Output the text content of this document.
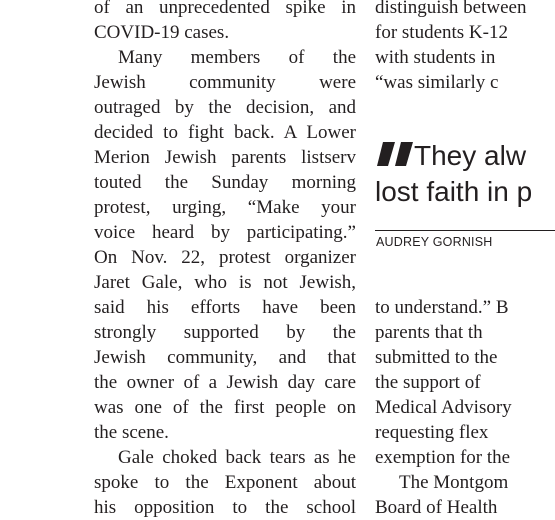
of an unprecedented spike in
COVID-19 cases.
Many members of the
Jewish community were
outraged by the decision, and
decided to fight back. A Lower
Merion Jewish parents listserv
touted the Sunday morning
protest, urging, “Make your
voice heard by participating.”
On Nov. 22, protest organizer
Jaret Gale, who is not Jewish,
said his efforts have been
strongly supported by the
Jewish community, and that
the owner of a Jewish day care
was one of the first people on
the scene.
Gale choked back tears as he
spoke to the Exponent about
his opposition to the school
They alw
lost faith in p
AUDREY GORNISH
distinguish between
for students K-12
with students in
“was similarly c
to understand.” B
parents that th
submitted to the
the support of
Medical Advisory
requesting flex
exemption for the
The Montgom
Board of Health
